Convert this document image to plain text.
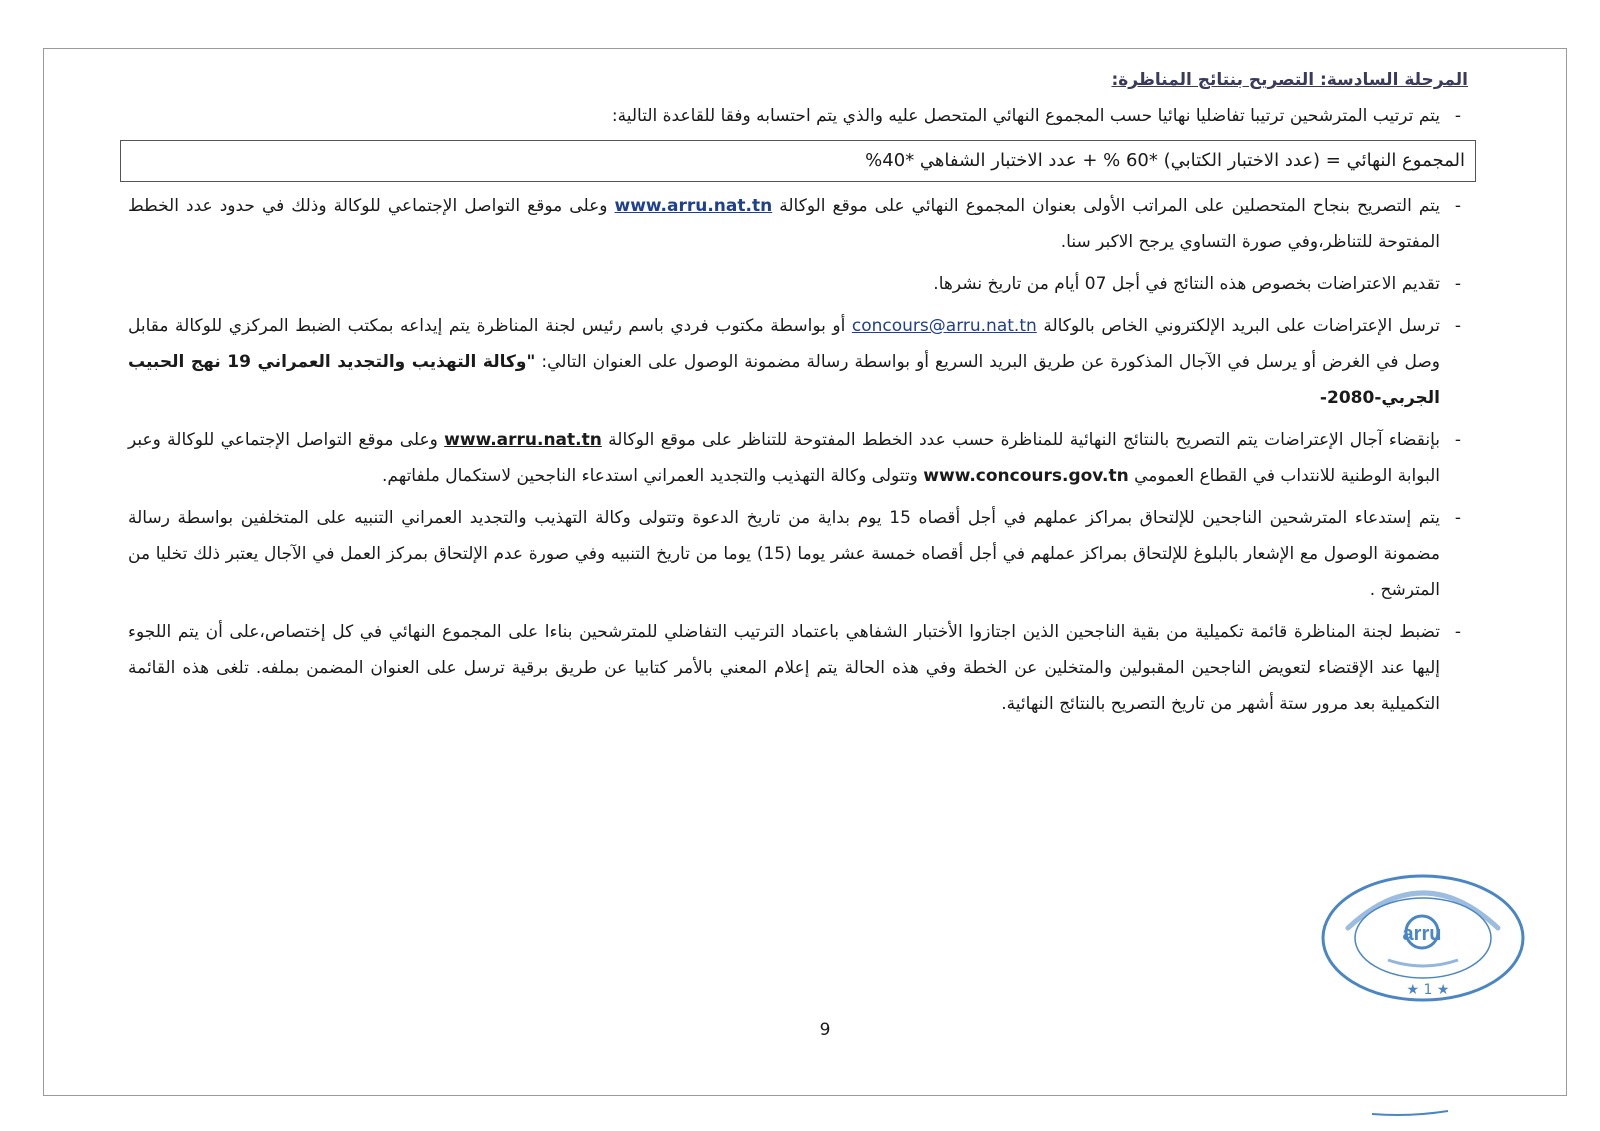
المرحلة السادسة: التصريح بنتائج المناظرة:
-
يتم ترتيب المترشحين ترتيبا تفاضليا نهائيا حسب المجموع النهائي المتحصل عليه والذي يتم احتسابه وفقا للقاعدة التالية:
المجموع النهائي = (عدد الاختبار الكتابي) *60 % + عدد الاختبار الشفاهي *40%
-
يتم التصريح بنجاح المتحصلين على المراتب الأولى بعنوان المجموع النهائي على موقع الوكالة www.arru.nat.tn وعلى موقع التواصل الإجتماعي للوكالة وذلك في حدود عدد الخطط المفتوحة للتناظر،وفي صورة التساوي يرجح الاكبر سنا.
-
تقديم الاعتراضات بخصوص هذه النتائج في أجل 07 أيام من تاريخ نشرها.
-
ترسل الإعتراضات على البريد الإلكتروني الخاص بالوكالة concours@arru.nat.tn أو بواسطة مكتوب فردي باسم رئيس لجنة المناظرة يتم إيداعه بمكتب الضبط المركزي للوكالة مقابل وصل في الغرض أو يرسل في الآجال المذكورة عن طريق البريد السريع أو بواسطة رسالة مضمونة الوصول على العنوان التالي: "وكالة التهذيب والتجديد العمراني 19 نهج الحبيب الجربي-2080-
-
بإنقضاء آجال الإعتراضات يتم التصريح بالنتائج النهائية للمناظرة حسب عدد الخطط المفتوحة للتناظر على موقع الوكالة www.arru.nat.tn وعلى موقع التواصل الإجتماعي للوكالة وعبر البوابة الوطنية للانتداب في القطاع العمومي www.concours.gov.tn وتتولى وكالة التهذيب والتجديد العمراني استدعاء الناجحين لاستكمال ملفاتهم.
-
يتم إستدعاء المترشحين الناجحين للإلتحاق بمراكز عملهم في أجل أقصاه 15 يوم بداية من تاريخ الدعوة وتتولى وكالة التهذيب والتجديد العمراني التنبيه على المتخلفين بواسطة رسالة مضمونة الوصول مع الإشعار بالبلوغ للإلتحاق بمراكز عملهم في أجل أقصاه خمسة عشر يوما (15) يوما من تاريخ التنبيه وفي صورة عدم الإلتحاق بمركز العمل في الآجال يعتبر ذلك تخليا من المترشح .
-
تضبط لجنة المناظرة قائمة تكميلية من بقية الناجحين الذين اجتازوا الأختبار الشفاهي باعتماد الترتيب التفاضلي للمترشحين بناءا على المجموع النهائي في كل إختصاص،على أن يتم اللجوء إليها عند الإقتضاء لتعويض الناجحين المقبولين والمتخلين عن الخطة وفي هذه الحالة يتم إعلام المعني بالأمر كتابيا عن طريق برقية ترسل على العنوان المضمن بملفه. تلغى هذه القائمة التكميلية بعد مرور ستة أشهر من تاريخ التصريح بالنتائج النهائية.
arru
★ 1 ★
9
